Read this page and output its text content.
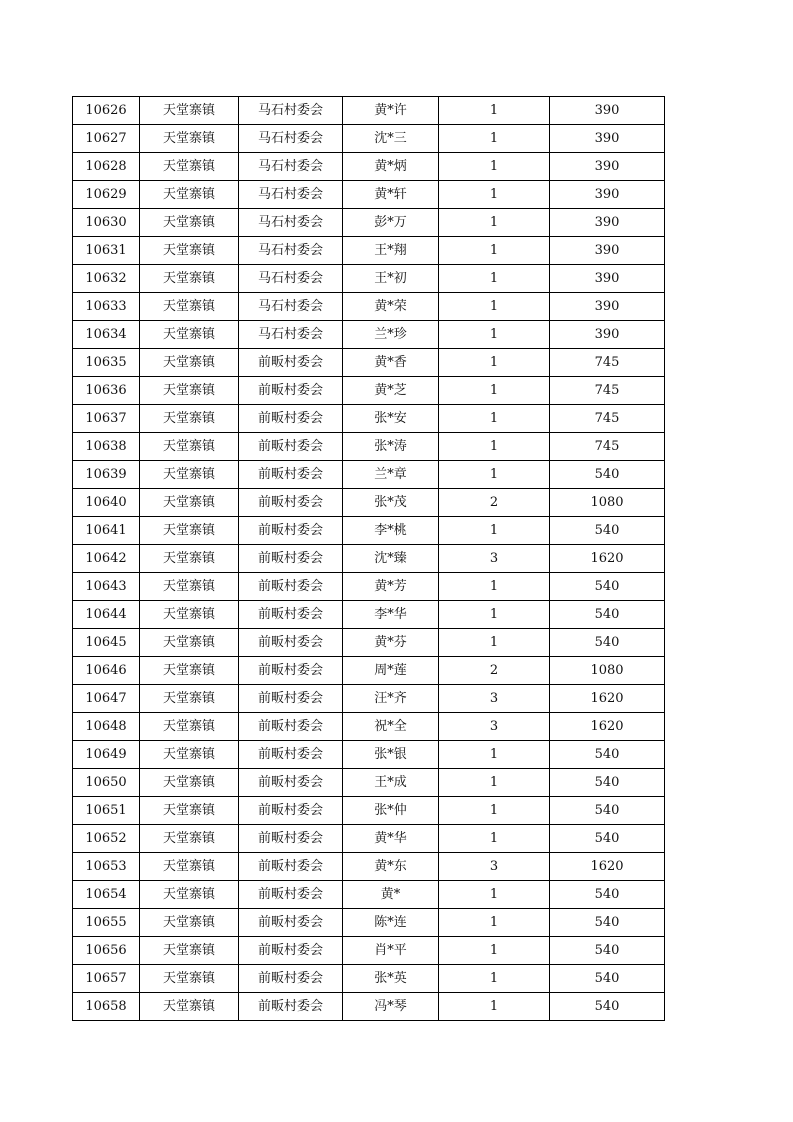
10626	天堂寨镇	马石村委会	黄*许	1	390
10627	天堂寨镇	马石村委会	沈*三	1	390
10628	天堂寨镇	马石村委会	黄*炳	1	390
10629	天堂寨镇	马石村委会	黄*轩	1	390
10630	天堂寨镇	马石村委会	彭*万	1	390
10631	天堂寨镇	马石村委会	王*翔	1	390
10632	天堂寨镇	马石村委会	王*初	1	390
10633	天堂寨镇	马石村委会	黄*荣	1	390
10634	天堂寨镇	马石村委会	兰*珍	1	390
10635	天堂寨镇	前畈村委会	黄*香	1	745
10636	天堂寨镇	前畈村委会	黄*芝	1	745
10637	天堂寨镇	前畈村委会	张*安	1	745
10638	天堂寨镇	前畈村委会	张*涛	1	745
10639	天堂寨镇	前畈村委会	兰*章	1	540
10640	天堂寨镇	前畈村委会	张*茂	2	1080
10641	天堂寨镇	前畈村委会	李*桃	1	540
10642	天堂寨镇	前畈村委会	沈*臻	3	1620
10643	天堂寨镇	前畈村委会	黄*芳	1	540
10644	天堂寨镇	前畈村委会	李*华	1	540
10645	天堂寨镇	前畈村委会	黄*芬	1	540
10646	天堂寨镇	前畈村委会	周*莲	2	1080
10647	天堂寨镇	前畈村委会	汪*齐	3	1620
10648	天堂寨镇	前畈村委会	祝*全	3	1620
10649	天堂寨镇	前畈村委会	张*银	1	540
10650	天堂寨镇	前畈村委会	王*成	1	540
10651	天堂寨镇	前畈村委会	张*仲	1	540
10652	天堂寨镇	前畈村委会	黄*华	1	540
10653	天堂寨镇	前畈村委会	黄*东	3	1620
10654	天堂寨镇	前畈村委会	黄*	1	540
10655	天堂寨镇	前畈村委会	陈*连	1	540
10656	天堂寨镇	前畈村委会	肖*平	1	540
10657	天堂寨镇	前畈村委会	张*英	1	540
10658	天堂寨镇	前畈村委会	冯*琴	1	540
